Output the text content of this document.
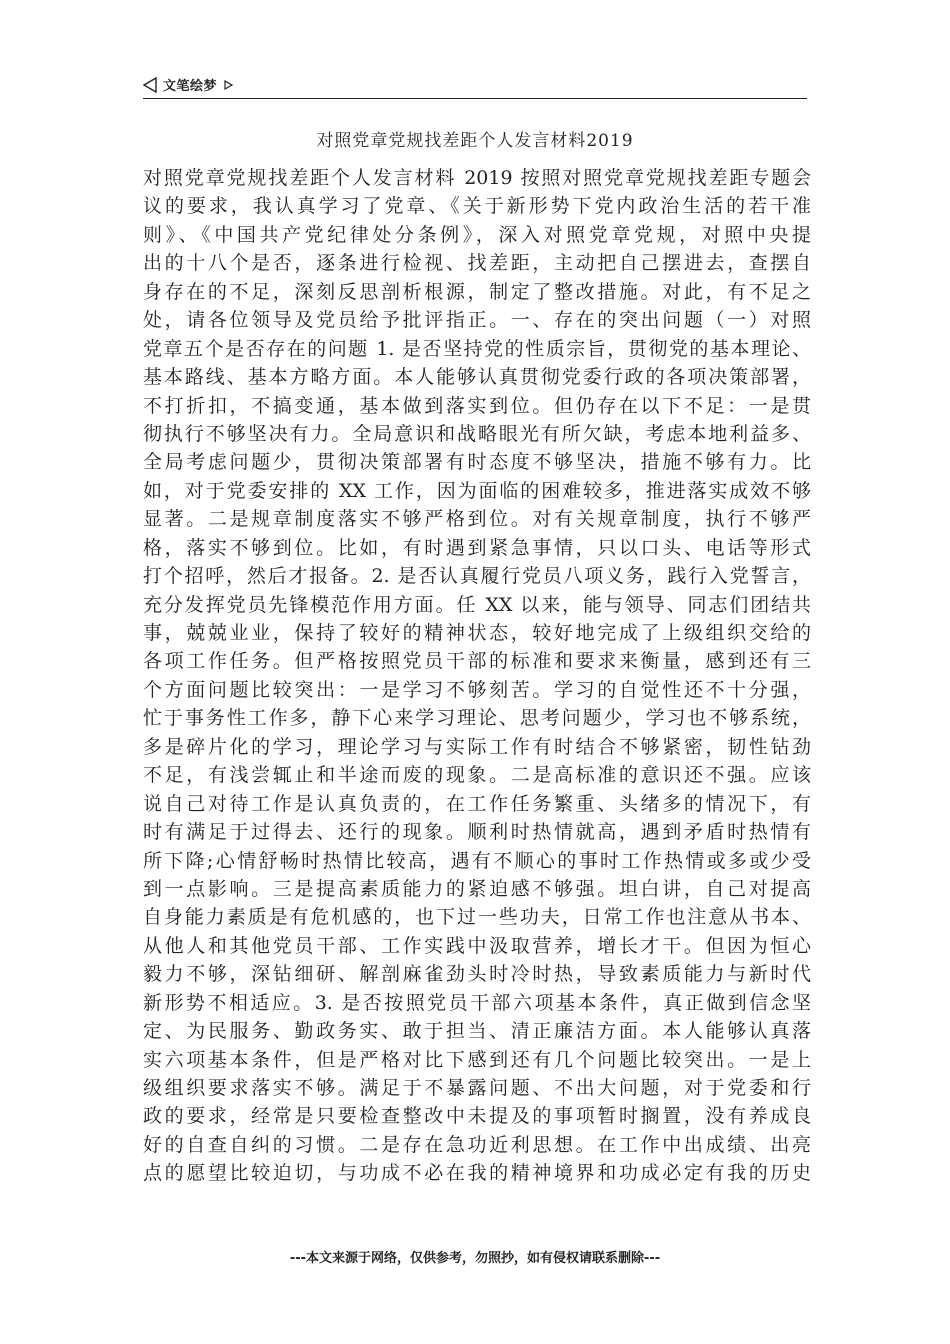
文笔绘梦
对照党章党规找差距个人发言材料2019
对照党章党规找差距个人发言材料 2019 按照对照党章党规找差距专题会
议的要求，我认真学习了党章、《关于新形势下党内政治生活的若干准
则》、《中国共产党纪律处分条例》，深入对照党章党规，对照中央提
出的十八个是否，逐条进行检视、找差距，主动把自己摆进去，查摆自
身存在的不足，深刻反思剖析根源，制定了整改措施。对此，有不足之
处，请各位领导及党员给予批评指正。一、存在的突出问题（一）对照
党章五个是否存在的问题 1. 是否坚持党的性质宗旨，贯彻党的基本理论、
基本路线、基本方略方面。本人能够认真贯彻党委行政的各项决策部署，
不打折扣，不搞变通，基本做到落实到位。但仍存在以下不足：一是贯
彻执行不够坚决有力。全局意识和战略眼光有所欠缺，考虑本地利益多、
全局考虑问题少，贯彻决策部署有时态度不够坚决，措施不够有力。比
如，对于党委安排的 XX 工作，因为面临的困难较多，推进落实成效不够
显著。二是规章制度落实不够严格到位。对有关规章制度，执行不够严
格，落实不够到位。比如，有时遇到紧急事情，只以口头、电话等形式
打个招呼，然后才报备。2. 是否认真履行党员八项义务，践行入党誓言，
充分发挥党员先锋模范作用方面。任 XX 以来，能与领导、同志们团结共
事，兢兢业业，保持了较好的精神状态，较好地完成了上级组织交给的
各项工作任务。但严格按照党员干部的标准和要求来衡量，感到还有三
个方面问题比较突出：一是学习不够刻苦。学习的自觉性还不十分强，
忙于事务性工作多，静下心来学习理论、思考问题少，学习也不够系统，
多是碎片化的学习，理论学习与实际工作有时结合不够紧密，韧性钻劲
不足，有浅尝辄止和半途而废的现象。二是高标准的意识还不强。应该
说自己对待工作是认真负责的，在工作任务繁重、头绪多的情况下，有
时有满足于过得去、还行的现象。顺利时热情就高，遇到矛盾时热情有
所下降;心情舒畅时热情比较高，遇有不顺心的事时工作热情或多或少受
到一点影响。三是提高素质能力的紧迫感不够强。坦白讲，自己对提高
自身能力素质是有危机感的，也下过一些功夫，日常工作也注意从书本、
从他人和其他党员干部、工作实践中汲取营养，增长才干。但因为恒心
毅力不够，深钻细研、解剖麻雀劲头时冷时热，导致素质能力与新时代
新形势不相适应。3. 是否按照党员干部六项基本条件，真正做到信念坚
定、为民服务、勤政务实、敢于担当、清正廉洁方面。本人能够认真落
实六项基本条件，但是严格对比下感到还有几个问题比较突出。一是上
级组织要求落实不够。满足于不暴露问题、不出大问题，对于党委和行
政的要求，经常是只要检查整改中未提及的事项暂时搁置，没有养成良
好的自查自纠的习惯。二是存在急功近利思想。在工作中出成绩、出亮
点的愿望比较迫切，与功成不必在我的精神境界和功成必定有我的历史
---本文来源于网络，仅供参考，勿照抄，如有侵权请联系删除---
